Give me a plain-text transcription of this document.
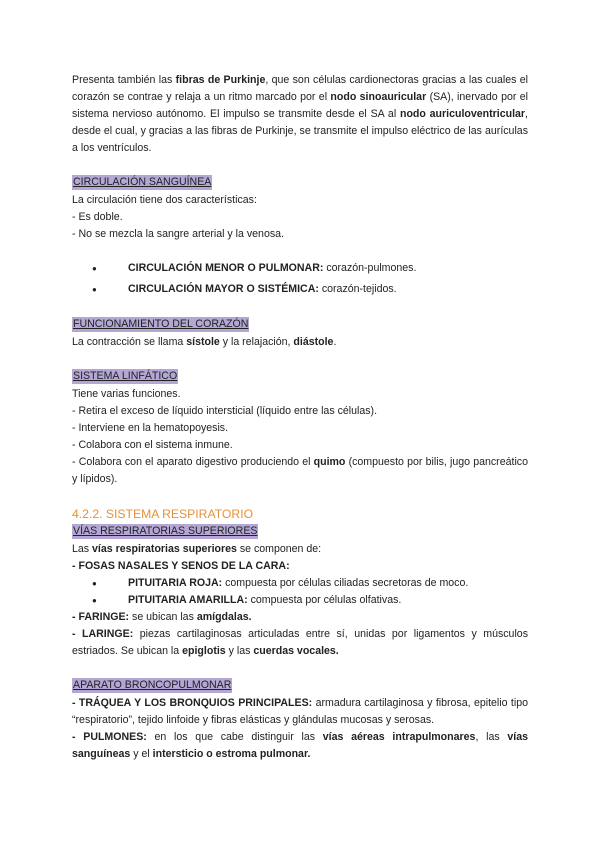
Presenta también las fibras de Purkinje, que son células cardionectoras gracias a las cuales el corazón se contrae y relaja a un ritmo marcado por el nodo sinoauricular (SA), inervado por el sistema nervioso autónomo. El impulso se transmite desde el SA al nodo auriculoventricular, desde el cual, y gracias a las fibras de Purkinje, se transmite el impulso eléctrico de las aurículas a los ventrículos.

CIRCULACIÓN SANGUÍNEA

La circulación tiene dos características:

- Es doble.

- No se mezcla la sangre arterial y la venosa.

● CIRCULACIÓN MENOR O PULMONAR: corazón-pulmones.
● CIRCULACIÓN MAYOR O SISTÉMICA: corazón-tejidos.

FUNCIONAMIENTO DEL CORAZÓN

La contracción se llama sístole y la relajación, diástole.

SISTEMA LINFÁTICO

Tiene varias funciones.

- Retira el exceso de líquido intersticial (líquido entre las células).

- Interviene en la hematopoyesis.

- Colabora con el sistema inmune.

- Colabora con el aparato digestivo produciendo el quimo (compuesto por bilis, jugo pancreático y lípidos).

4.2.2. SISTEMA RESPIRATORIO

VÍAS RESPIRATORIAS SUPERIORES

Las vías respiratorias superiores se componen de:

- FOSAS NASALES Y SENOS DE LA CARA:

● PITUITARIA ROJA: compuesta por células ciliadas secretoras de moco.
● PITUITARIA AMARILLA: compuesta por células olfativas.

- FARINGE: se ubican las amígdalas.

- LARINGE: piezas cartilaginosas articuladas entre sí, unidas por ligamentos y músculos estriados. Se ubican la epiglotis y las cuerdas vocales.

APARATO BRONCOPULMONAR

- TRÁQUEA Y LOS BRONQUIOS PRINCIPALES: armadura cartilaginosa y fibrosa, epitelio tipo “respiratorio”, tejido linfoide y fibras elásticas y glándulas mucosas y serosas.

- PULMONES: en los que cabe distinguir las vías aéreas intrapulmonares, las vías sanguíneas y el intersticio o estroma pulmonar.
